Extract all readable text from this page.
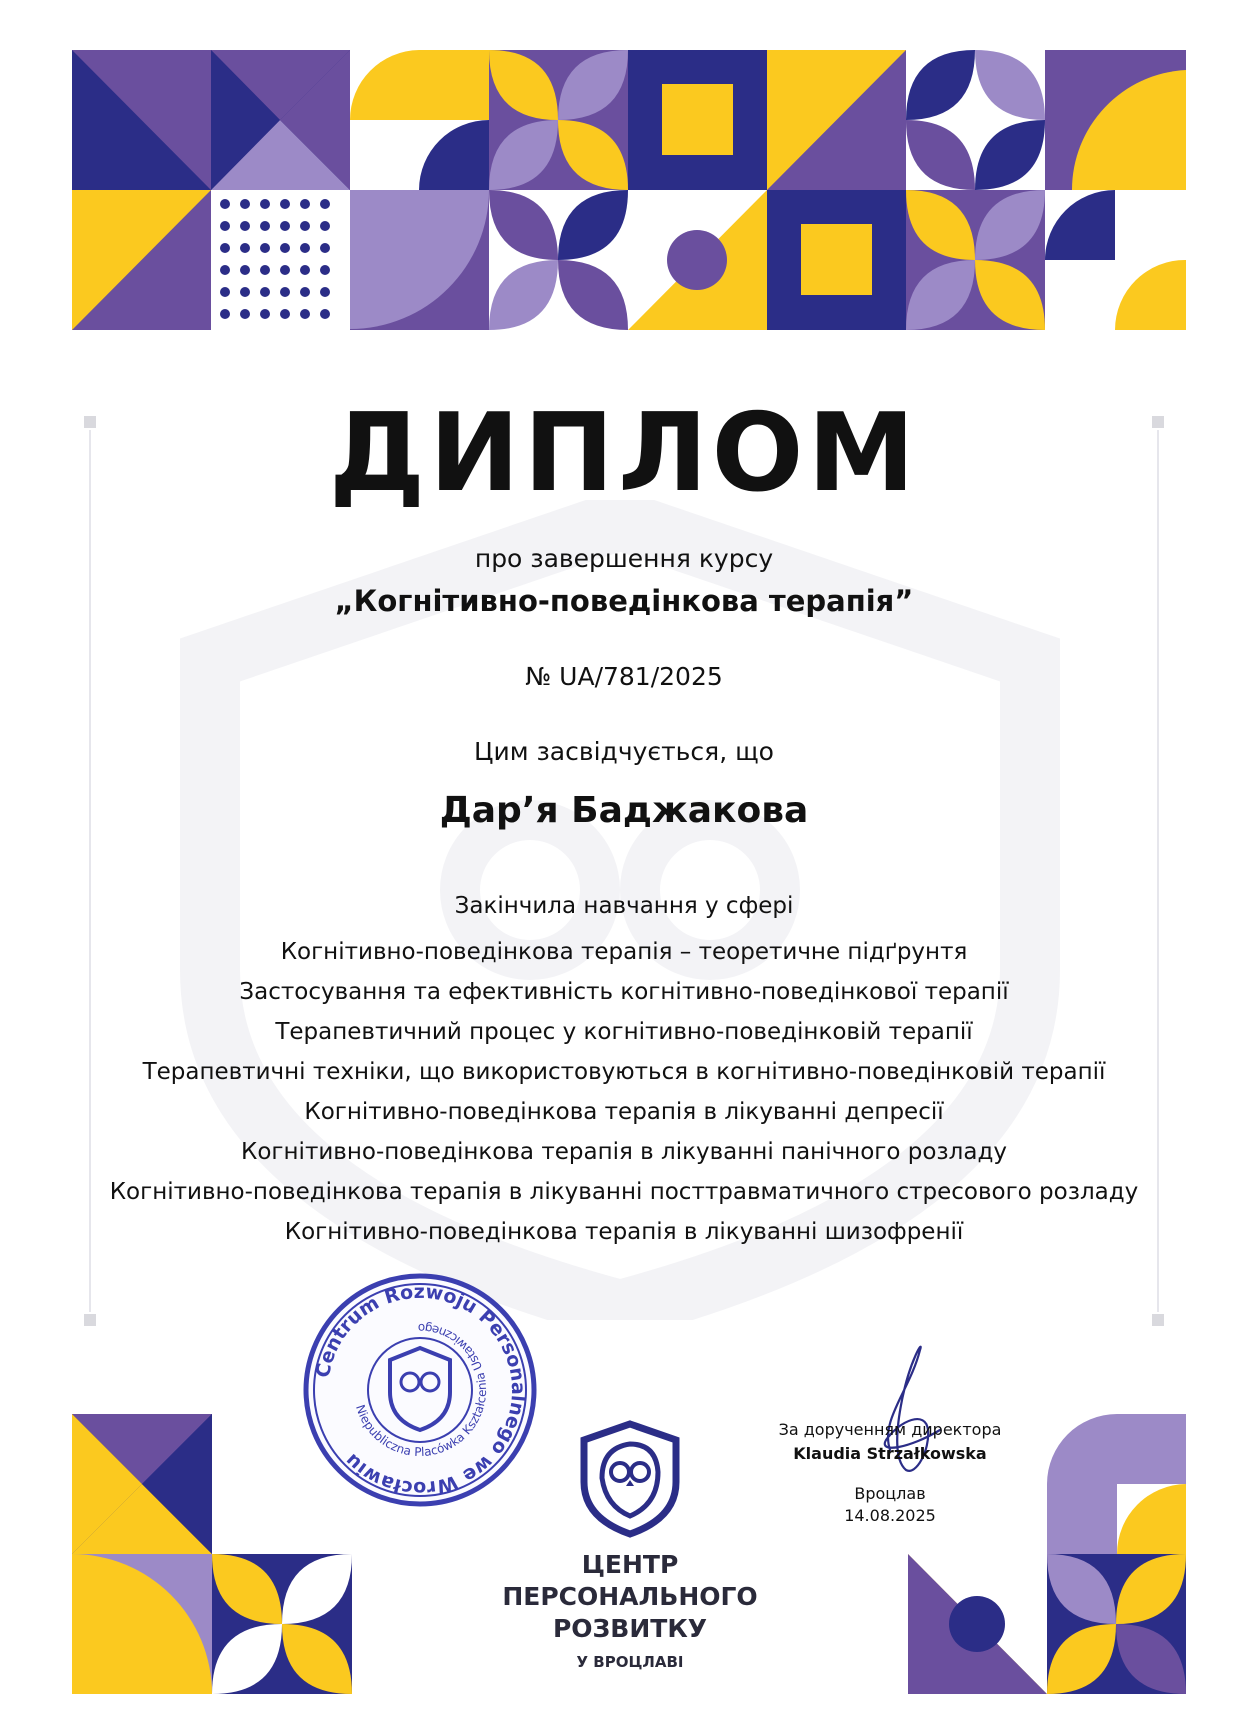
ДИПЛОМ
про завершення курсу
„Когнітивно-поведінкова терапія”
№ UA/781/2025
Цим засвідчується, що
Дар’я Баджакова
Закінчила навчання у сфері
Когнітивно-поведінкова терапія – теоретичне підґрунтя
Застосування та ефективність когнітивно-поведінкової терапії
Терапевтичний процес у когнітивно-поведінковій терапії
Терапевтичні техніки, що використовуються в когнітивно-поведінковій терапії
Когнітивно-поведінкова терапія в лікуванні депресії
Когнітивно-поведінкова терапія в лікуванні панічного розладу
Когнітивно-поведінкова терапія в лікуванні посттравматичного стресового розладу
Когнітивно-поведінкова терапія в лікуванні шизофренії
Centrum Rozwoju Personalnego we Wrocławiu
Niepubliczna Placówka Kształcenia Ustawicznego
ЦЕНТР
ПЕРСОНАЛЬНОГО
РОЗВИТКУ
У ВРОЦЛАВІ
За дорученням директора
Klaudia Strzałkowska
Вроцлав
14.08.2025
